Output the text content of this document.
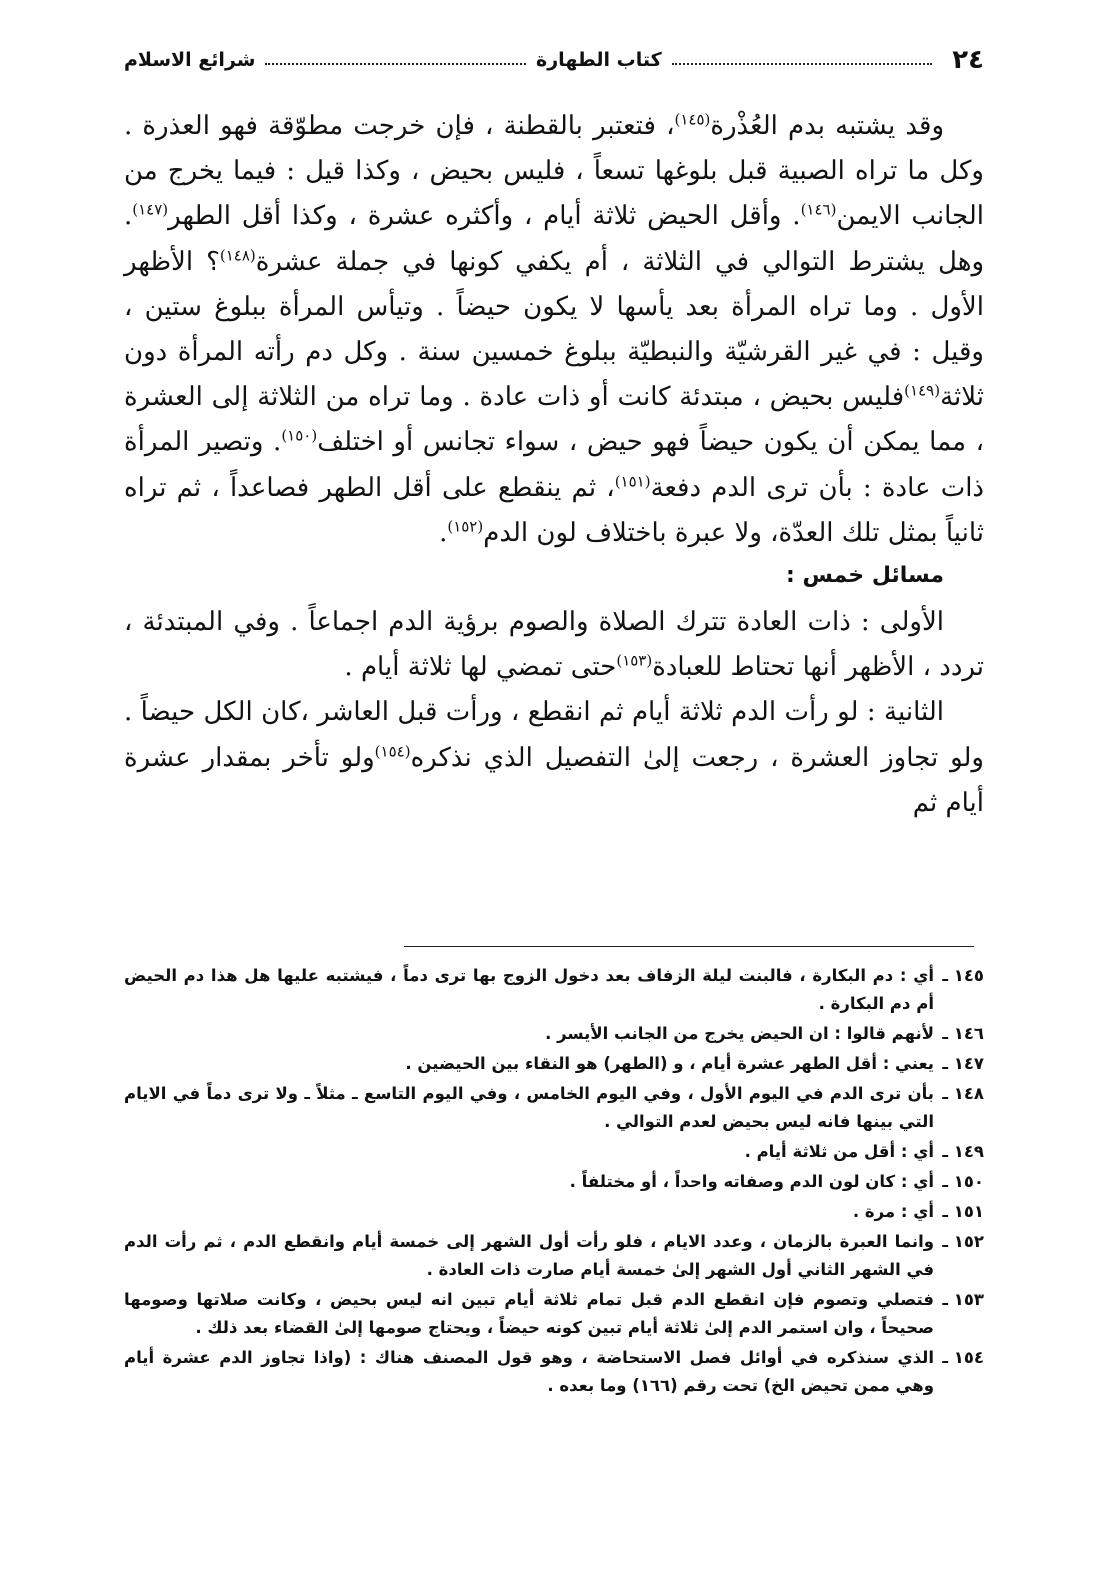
٢٤
كتاب الطهارة
شرائع الاسلام

وقد يشتبه بدم العُذْرة$^{(١٤٥)}$، فتعتبر بالقطنة ، فإن خرجت مطوّقة فهو العذرة . وكل ما تراه الصبية قبل بلوغها تسعاً ، فليس بحيض ، وكذا قيل : فيما يخرج من الجانب الايمن$^{(١٤٦)}$. وأقل الحيض ثلاثة أيام ، وأكثره عشرة ، وكذا أقل الطهر$^{(١٤٧)}$. وهل يشترط التوالي في الثلاثة ، أم يكفي كونها في جملة عشرة$^{(١٤٨)}$؟ الأظهر الأول . وما تراه المرأة بعد يأسها لا يكون حيضاً . وتيأس المرأة ببلوغ ستين ، وقيل : في غير القرشيّة والنبطيّة ببلوغ خمسين سنة . وكل دم رأته المرأة دون ثلاثة$^{(١٤٩)}$فليس بحيض ، مبتدئة كانت أو ذات عادة . وما تراه من الثلاثة إلى العشرة ، مما يمكن أن يكون حيضاً فهو حيض ، سواء تجانس أو اختلف$^{(١٥٠)}$. وتصير المرأة ذات عادة : بأن ترى الدم دفعة$^{(١٥١)}$، ثم ينقطع على أقل الطهر فصاعداً ، ثم تراه ثانياً بمثل تلك العدّة، ولا عبرة باختلاف لون الدم$^{(١٥٢)}$.

مسائل خمس :

الأولى : ذات العادة تترك الصلاة والصوم برؤية الدم اجماعاً . وفي المبتدئة ، تردد ، الأظهر أنها تحتاط للعبادة$^{(١٥٣)}$حتى تمضي لها ثلاثة أيام .

الثانية : لو رأت الدم ثلاثة أيام ثم انقطع ، ورأت قبل العاشر ،كان الكل حيضاً . ولو تجاوز العشرة ، رجعت إلىٰ التفصيل الذي نذكره$^{(١٥٤)}$ولو تأخر بمقدار عشرة أيام ثم

١٤٥ ـأي : دم البكارة ، فالبنت ليلة الزفاف بعد دخول الزوج بها ترى دماً ، فيشتبه عليها هل هذا دم الحيض أم دم البكارة .
١٤٦ ـلأنهم قالوا : ان الحيض يخرج من الجانب الأيسر .
١٤٧ ـيعني : أقل الطهر عشرة أيام ، و (الطهر) هو النقاء بين الحيضين .
١٤٨ ـبأن ترى الدم في اليوم الأول ، وفي اليوم الخامس ، وفي اليوم التاسع ـ مثلاً ـ ولا ترى دماً في الايام التي بينها فانه ليس بحيض لعدم التوالي .
١٤٩ ـأي : أقل من ثلاثة أيام .
١٥٠ ـأي : كان لون الدم وصفاته واحداً ، أو مختلفاً .
١٥١ ـأي : مرة .
١٥٢ ـوانما العبرة بالزمان ، وعدد الايام ، فلو رأت أول الشهر إلى خمسة أيام وانقطع الدم ، ثم رأت الدم في الشهر الثاني أول الشهر إلىٰ خمسة أيام صارت ذات العادة .
١٥٣ ـفتصلي وتصوم فإن انقطع الدم قبل تمام ثلاثة أيام تبين انه ليس بحيض ، وكانت صلاتها وصومها صحيحاً ، وان استمر الدم إلىٰ ثلاثة أيام تبين كونه حيضاً ، ويحتاج صومها إلىٰ القضاء بعد ذلك .
١٥٤ ـالذي سنذكره في أوائل فصل الاستحاضة ، وهو قول المصنف هناك : (واذا تجاوز الدم عشرة أيام وهي ممن تحيض الخ) تحت رقم (١٦٦) وما بعده .
